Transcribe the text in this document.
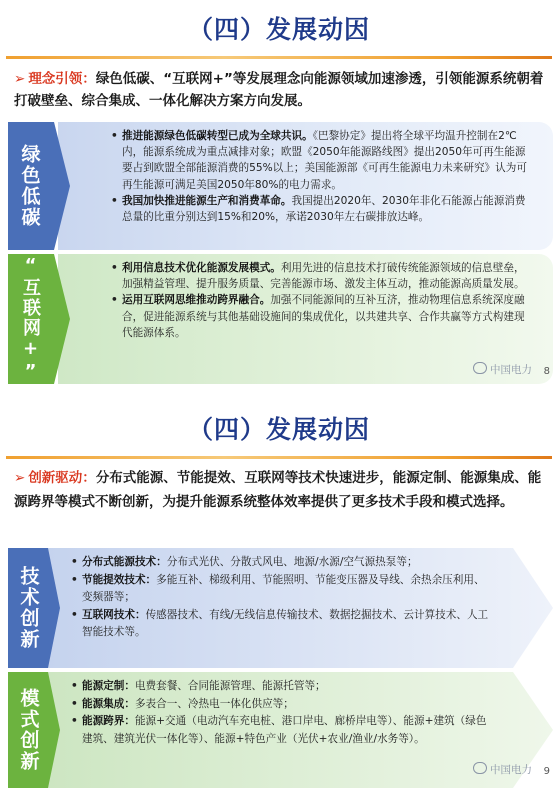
（四）发展动因
➢ 理念引领：绿色低碳、“互联网+”等发展理念向能源领域加速渗透，引领能源系统朝着打破壁垒、综合集成、一体化解决方案方向发展。
• 推进能源绿色低碳转型已成为全球共识。《巴黎协定》提出将全球平均温升控制在2℃内，能源系统成为重点减排对象；欧盟《2050年能源路线图》提出2050年可再生能源要占到欧盟全部能源消费的55%以上；美国能源部《可再生能源电力未来研究》认为可再生能源可满足美国2050年80%的电力需求。
• 我国加快推进能源生产和消费革命。我国提出2020年、2030年非化石能源占能源消费总量的比重分别达到15%和20%，承诺2030年左右碳排放达峰。
绿色低碳
• 利用信息技术优化能源发展模式。利用先进的信息技术打破传统能源领域的信息壁垒，加强精益管理、提升服务质量、完善能源市场、激发主体互动，推动能源高质量发展。
• 运用互联网思维推动跨界融合。加强不同能源间的互补互济，推动物理信息系统深度融合，促进能源系统与其他基础设施间的集成优化，以共建共享、合作共赢等方式构建现代能源体系。
“互联网+”	中国电力 8
（四）发展动因
➢ 创新驱动：分布式能源、节能提效、互联网等技术快速进步，能源定制、能源集成、能源跨界等模式不断创新，为提升能源系统整体效率提供了更多技术手段和模式选择。
技术创新
• 分布式能源技术：分布式光伏、分散式风电、地源/水源/空气源热泵等；
• 节能提效技术：多能互补、梯级利用、节能照明、节能变压器及导线、余热余压利用、变频器等；
• 互联网技术：传感器技术、有线/无线信息传输技术、数据挖掘技术、云计算技术、人工智能技术等。
模式创新
• 能源定制：电费套餐、合同能源管理、能源托管等；
• 能源集成：多表合一、冷热电一体化供应等；
• 能源跨界：能源+交通（电动汽车充电桩、港口岸电、廊桥岸电等）、能源+建筑（绿色建筑、建筑光伏一体化等）、能源+特色产业（光伏+农业/渔业/水务等）。
中国电力 9
